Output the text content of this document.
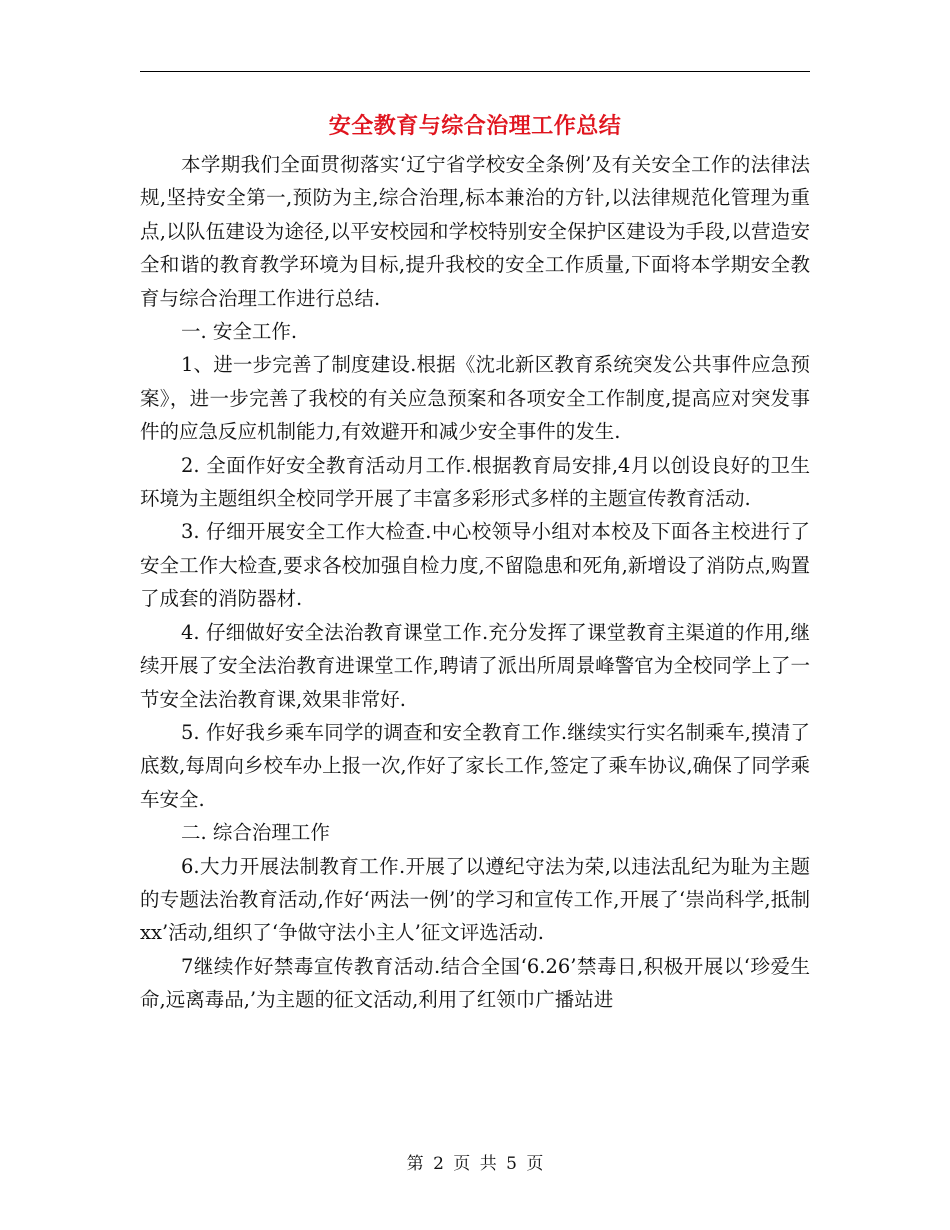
安全教育与综合治理工作总结

本学期我们全面贯彻落实‘辽宁省学校安全条例’及有关安全工作的法律法规,坚持安全第一,预防为主,综合治理,标本兼治的方针,以法律规范化管理为重点,以队伍建设为途径,以平安校园和学校特别安全保护区建设为手段,以营造安全和谐的教育教学环境为目标,提升我校的安全工作质量,下面将本学期安全教育与综合治理工作进行总结.

一. 安全工作.

1、进一步完善了制度建设.根据《沈北新区教育系统突发公共事件应急预案》，进一步完善了我校的有关应急预案和各项安全工作制度,提高应对突发事件的应急反应机制能力,有效避开和减少安全事件的发生.

2. 全面作好安全教育活动月工作.根据教育局安排,4月以创设良好的卫生环境为主题组织全校同学开展了丰富多彩形式多样的主题宣传教育活动.

3. 仔细开展安全工作大检查.中心校领导小组对本校及下面各主校进行了安全工作大检查,要求各校加强自检力度,不留隐患和死角,新增设了消防点,购置了成套的消防器材.

4. 仔细做好安全法治教育课堂工作.充分发挥了课堂教育主渠道的作用,继续开展了安全法治教育进课堂工作,聘请了派出所周景峰警官为全校同学上了一节安全法治教育课,效果非常好.

5. 作好我乡乘车同学的调查和安全教育工作.继续实行实名制乘车,摸清了底数,每周向乡校车办上报一次,作好了家长工作,签定了乘车协议,确保了同学乘车安全.

二. 综合治理工作

6.大力开展法制教育工作.开展了以遵纪守法为荣,以违法乱纪为耻为主题的专题法治教育活动,作好‘两法一例’的学习和宣传工作,开展了‘崇尚科学,抵制xx’活动,组织了‘争做守法小主人’征文评选活动.

7继续作好禁毒宣传教育活动.结合全国‘6.26’禁毒日,积极开展以‘珍爱生命,远离毒品,’为主题的征文活动,利用了红领巾广播站进

第 2 页 共 5 页
